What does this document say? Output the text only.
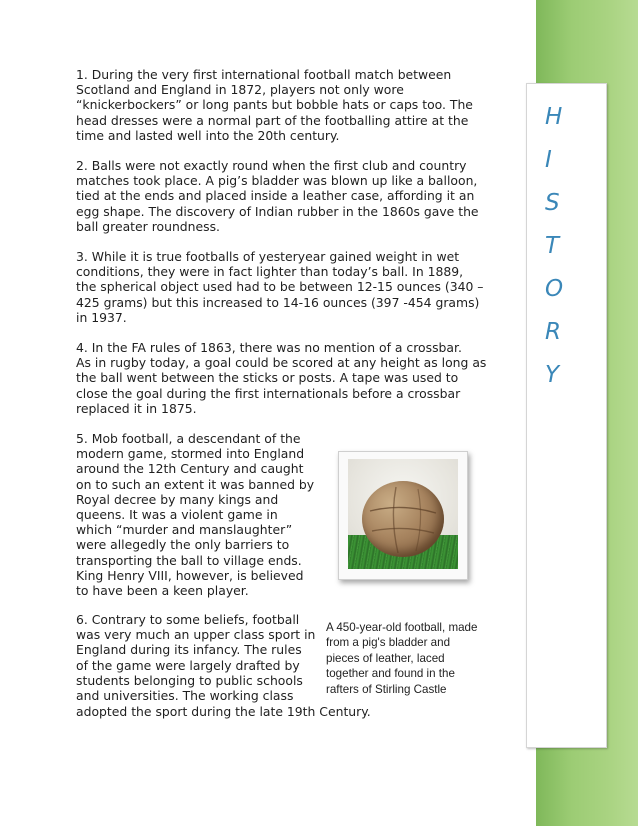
H
I
S
T
O
R
Y

1. During the very first international football match between
Scotland and England in 1872, players not only wore
“knickerbockers” or long pants but bobble hats or caps too. The
head dresses were a normal part of the footballing attire at the
time and lasted well into the 20th century.

2. Balls were not exactly round when the first club and country
matches took place. A pig’s bladder was blown up like a balloon,
tied at the ends and placed inside a leather case, affording it an
egg shape. The discovery of Indian rubber in the 1860s gave the
ball greater roundness.

3. While it is true footballs of yesteryear gained weight in wet
conditions, they were in fact lighter than today’s ball. In 1889,
the spherical object used had to be between 12-15 ounces (340 –
425 grams) but this increased to 14-16 ounces (397 -454 grams)
in 1937.

4. In the FA rules of 1863, there was no mention of a crossbar.
As in rugby today, a goal could be scored at any height as long as
the ball went between the sticks or posts. A tape was used to
close the goal during the first internationals before a crossbar
replaced it in 1875.

5. Mob football, a descendant of the
modern game, stormed into England
around the 12th Century and caught
on to such an extent it was banned by
Royal decree by many kings and
queens. It was a violent game in
which “murder and manslaughter”
were allegedly the only barriers to
transporting the ball to village ends.
King Henry VIII, however, is believed
to have been a keen player.

6. Contrary to some beliefs, football
was very much an upper class sport in
England during its infancy. The rules
of the game were largely drafted by
students belonging to public schools
and universities. The working class

adopted the sport during the late 19th Century.

A 450-year-old football, made
from a pig's bladder and
pieces of leather, laced
together and found in the
rafters of Stirling Castle
